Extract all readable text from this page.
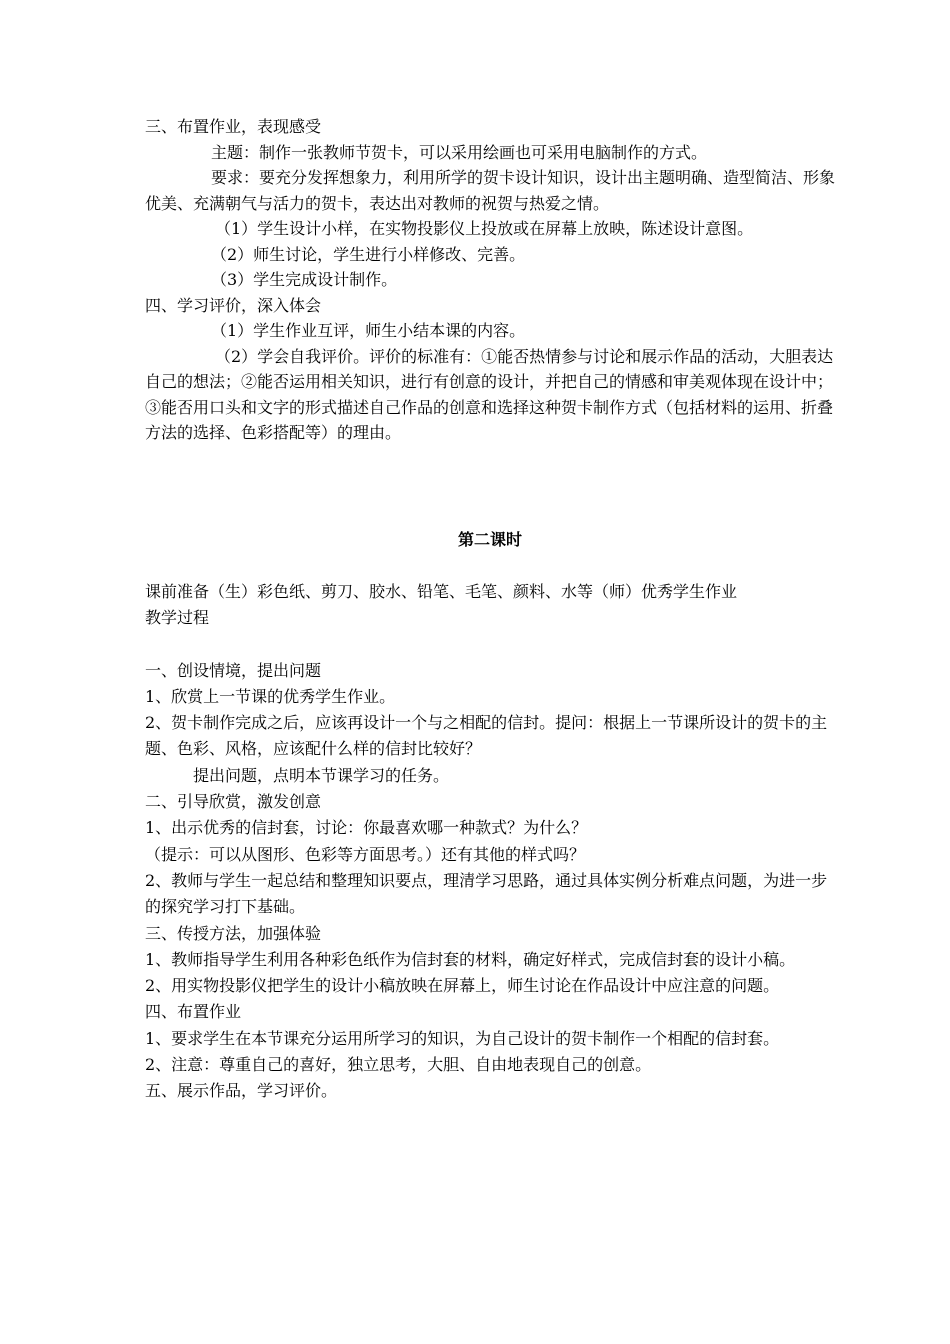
三、布置作业，表现感受

主题：制作一张教师节贺卡，可以采用绘画也可采用电脑制作的方式。

要求：要充分发挥想象力，利用所学的贺卡设计知识，设计出主题明确、造型简洁、形象优美、充满朝气与活力的贺卡，表达出对教师的祝贺与热爱之情。

（1）学生设计小样，在实物投影仪上投放或在屏幕上放映，陈述设计意图。

（2）师生讨论，学生进行小样修改、完善。

（3）学生完成设计制作。

四、学习评价，深入体会

（1）学生作业互评，师生小结本课的内容。

（2）学会自我评价。评价的标准有：①能否热情参与讨论和展示作品的活动，大胆表达自己的想法；②能否运用相关知识，进行有创意的设计，并把自己的情感和审美观体现在设计中；③能否用口头和文字的形式描述自己作品的创意和选择这种贺卡制作方式（包括材料的运用、折叠方法的选择、色彩搭配等）的理由。

第二课时

课前准备（生）彩色纸、剪刀、胶水、铅笔、毛笔、颜料、水等（师）优秀学生作业

教学过程

一、创设情境，提出问题

1、欣赏上一节课的优秀学生作业。

2、贺卡制作完成之后，应该再设计一个与之相配的信封。提问：根据上一节课所设计的贺卡的主题、色彩、风格，应该配什么样的信封比较好？

提出问题，点明本节课学习的任务。

二、引导欣赏，激发创意

1、出示优秀的信封套，讨论：你最喜欢哪一种款式？为什么？

（提示：可以从图形、色彩等方面思考。）还有其他的样式吗？

2、教师与学生一起总结和整理知识要点，理清学习思路，通过具体实例分析难点问题，为进一步的探究学习打下基础。

三、传授方法，加强体验

1、教师指导学生利用各种彩色纸作为信封套的材料，确定好样式，完成信封套的设计小稿。

2、用实物投影仪把学生的设计小稿放映在屏幕上，师生讨论在作品设计中应注意的问题。

四、布置作业

1、要求学生在本节课充分运用所学习的知识，为自己设计的贺卡制作一个相配的信封套。

2、注意：尊重自己的喜好，独立思考，大胆、自由地表现自己的创意。

五、展示作品，学习评价。
